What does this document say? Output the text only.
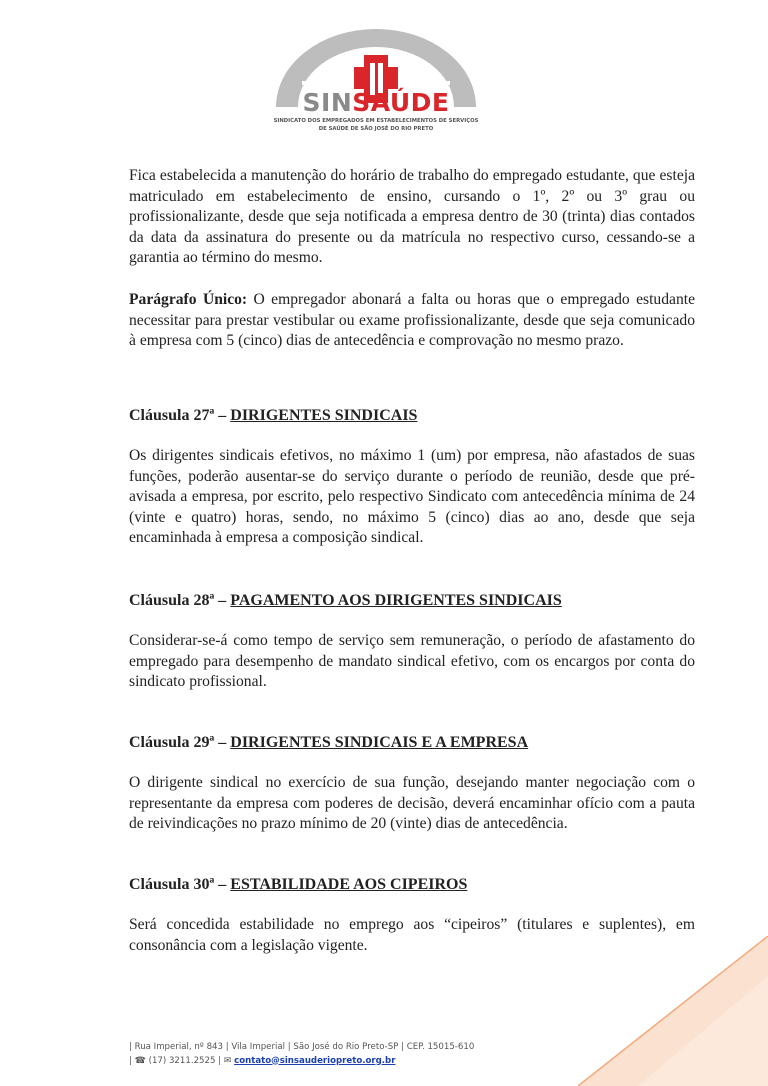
SINSAÚDE
SINDICATO DOS EMPREGADOS EM ESTABELECIMENTOS DE SERVIÇOS
DE SAÚDE DE SÃO JOSÉ DO RIO PRETO

Fica estabelecida a manutenção do horário de trabalho do empregado estudante, que esteja matriculado em estabelecimento de ensino, cursando o 1º, 2º ou 3º grau ou profissionalizante, desde que seja notificada a empresa dentro de 30 (trinta) dias contados da data da assinatura do presente ou da matrícula no respectivo curso, cessando-se a garantia ao término do mesmo.

Parágrafo Único: O empregador abonará a falta ou horas que o empregado estudante necessitar para prestar vestibular ou exame profissionalizante, desde que seja comunicado à empresa com 5 (cinco) dias de antecedência e comprovação no mesmo prazo.

Cláusula 27ª – DIRIGENTES SINDICAIS

Os dirigentes sindicais efetivos, no máximo 1 (um) por empresa, não afastados de suas funções, poderão ausentar-se do serviço durante o período de reunião, desde que pré-avisada a empresa, por escrito, pelo respectivo Sindicato com antecedência mínima de 24 (vinte e quatro) horas, sendo, no máximo 5 (cinco) dias ao ano, desde que seja encaminhada à empresa a composição sindical.

Cláusula 28ª – PAGAMENTO AOS DIRIGENTES SINDICAIS

Considerar-se-á como tempo de serviço sem remuneração, o período de afastamento do empregado para desempenho de mandato sindical efetivo, com os encargos por conta do sindicato profissional.

Cláusula 29ª – DIRIGENTES SINDICAIS E A EMPRESA

O dirigente sindical no exercício de sua função, desejando manter negociação com o representante da empresa com poderes de decisão, deverá encaminhar ofício com a pauta de reivindicações no prazo mínimo de 20 (vinte) dias de antecedência.

Cláusula 30ª – ESTABILIDADE AOS CIPEIROS

Será concedida estabilidade no emprego aos “cipeiros” (titulares e suplentes), em consonância com a legislação vigente.

| Rua Imperial, nº 843 | Vila Imperial | São José do Rio Preto-SP | CEP. 15015-610
| ☎ (17) 3211.2525 | ✉ contato@sinsauderiopreto.org.br
